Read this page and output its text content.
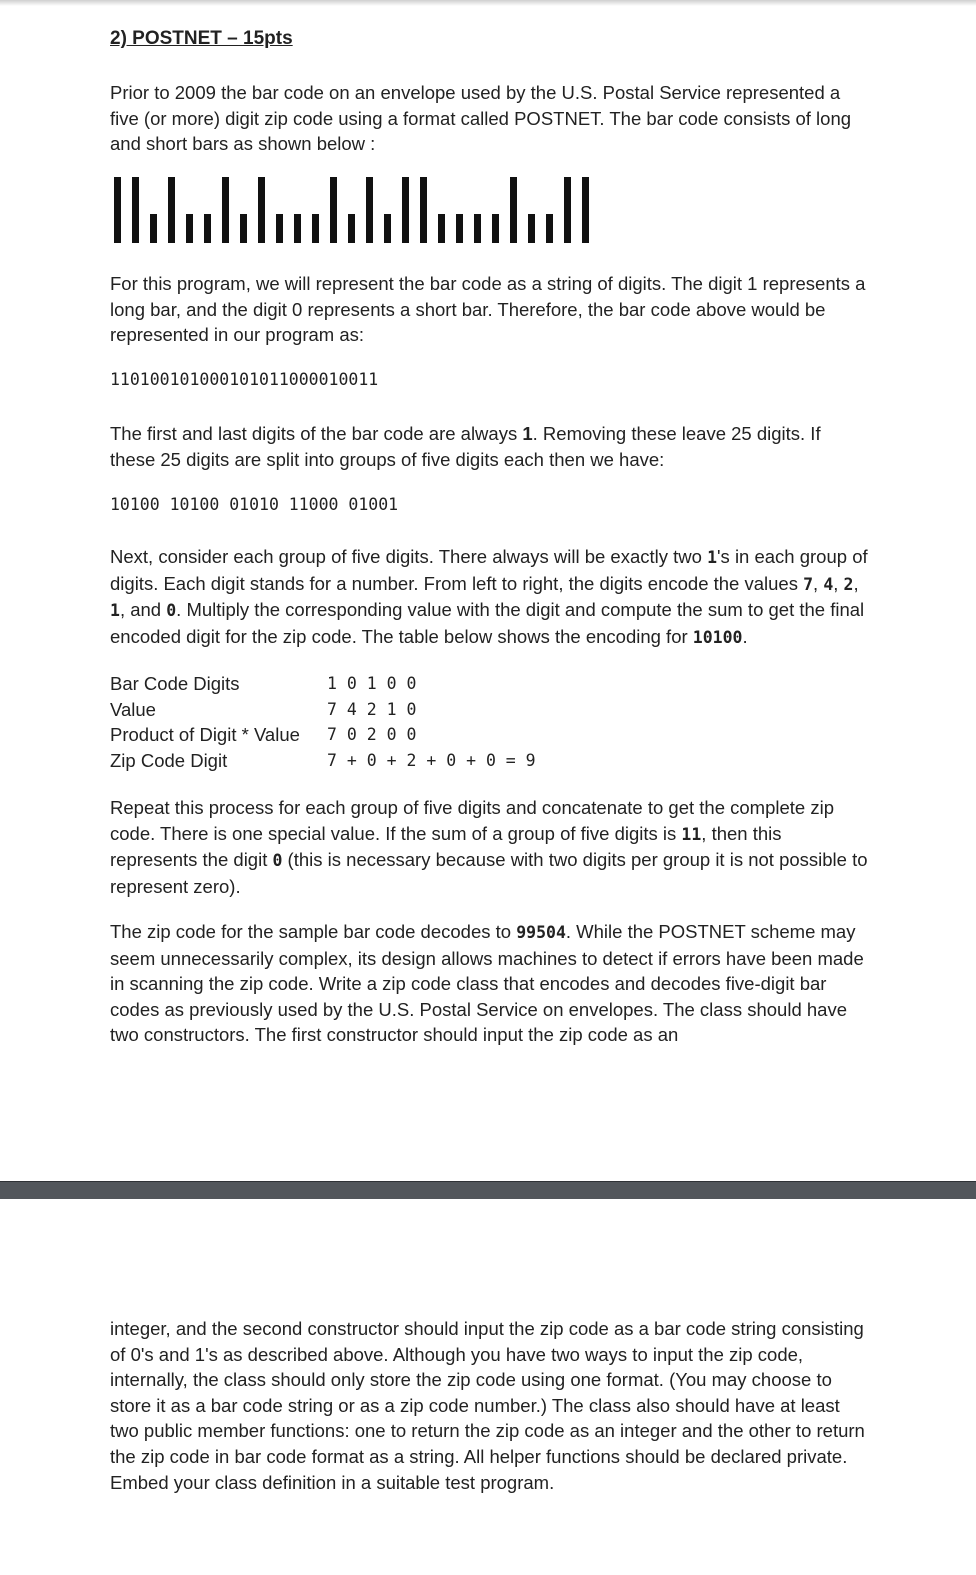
2) POSTNET – 15pts

Prior to 2009 the bar code on an envelope used by the U.S. Postal Service represented a five (or more) digit zip code using a format called POSTNET. The bar code consists of long and short bars as shown below :

For this program, we will represent the bar code as a string of digits. The digit 1 represents a long bar, and the digit 0 represents a short bar. Therefore, the bar code above would be represented in our program as:

110100101000101011000010011

The first and last digits of the bar code are always 1. Removing these leave 25 digits. If these 25 digits are split into groups of five digits each then we have:

10100 10100 01010 11000 01001

Next, consider each group of five digits. There always will be exactly two 1's in each group of digits. Each digit stands for a number. From left to right, the digits encode the values 7, 4, 2, 1, and 0. Multiply the corresponding value with the digit and compute the sum to get the final encoded digit for the zip code. The table below shows the encoding for 10100.

Bar Code Digits	1 0 1 0 0
Value	7 4 2 1 0
Product of Digit * Value	7 0 2 0 0
Zip Code Digit	7 + 0 + 2 + 0 + 0 = 9

Repeat this process for each group of five digits and concatenate to get the complete zip code. There is one special value. If the sum of a group of five digits is 11, then this represents the digit 0 (this is necessary because with two digits per group it is not possible to represent zero).

The zip code for the sample bar code decodes to 99504. While the POSTNET scheme may seem unnecessarily complex, its design allows machines to detect if errors have been made in scanning the zip code. Write a zip code class that encodes and decodes five-digit bar codes as previously used by the U.S. Postal Service on envelopes. The class should have two constructors. The first constructor should input the zip code as an

integer, and the second constructor should input the zip code as a bar code string consisting of 0's and 1's as described above. Although you have two ways to input the zip code, internally, the class should only store the zip code using one format. (You may choose to store it as a bar code string or as a zip code number.) The class also should have at least two public member functions: one to return the zip code as an integer and the other to return the zip code in bar code format as a string. All helper functions should be declared private. Embed your class definition in a suitable test program.
